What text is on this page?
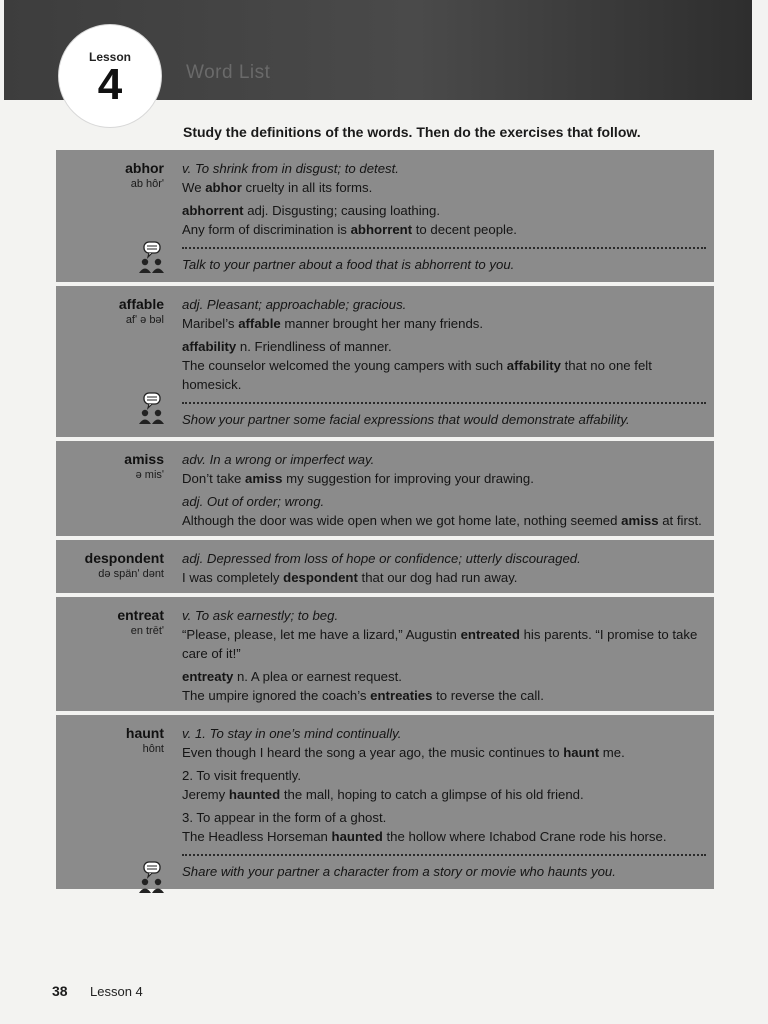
Word List
Lesson
4
Study the definitions of the words. Then do the exercises that follow.
abhor
ab hôrʹ
v. To shrink from in disgust; to detest.
We abhor cruelty in all its forms.
abhorrent adj. Disgusting; causing loathing.
Any form of discrimination is abhorrent to decent people.
Talk to your partner about a food that is abhorrent to you.
affable
afʹ ə bəl
adj. Pleasant; approachable; gracious.
Maribel’s affable manner brought her many friends.
affability n. Friendliness of manner.
The counselor welcomed the young campers with such affability that no one felt homesick.
Show your partner some facial expressions that would demonstrate affability.
amiss
ə misʹ
adv. In a wrong or imperfect way.
Don’t take amiss my suggestion for improving your drawing.
adj. Out of order; wrong.
Although the door was wide open when we got home late, nothing seemed amiss at first.
despondent
də spänʹ dənt
adj. Depressed from loss of hope or confidence; utterly discouraged.
I was completely despondent that our dog had run away.
entreat
en trētʹ
v. To ask earnestly; to beg.
“Please, please, let me have a lizard,” Augustin entreated his parents. “I promise to take care of it!”
entreaty n. A plea or earnest request.
The umpire ignored the coach’s entreaties to reverse the call.
haunt
hônt
v. 1. To stay in one’s mind continually.
Even though I heard the song a year ago, the music continues to haunt me.
2. To visit frequently.
Jeremy haunted the mall, hoping to catch a glimpse of his old friend.
3. To appear in the form of a ghost.
The Headless Horseman haunted the hollow where Ichabod Crane rode his horse.
Share with your partner a character from a story or movie who haunts you.
38 Lesson 4
